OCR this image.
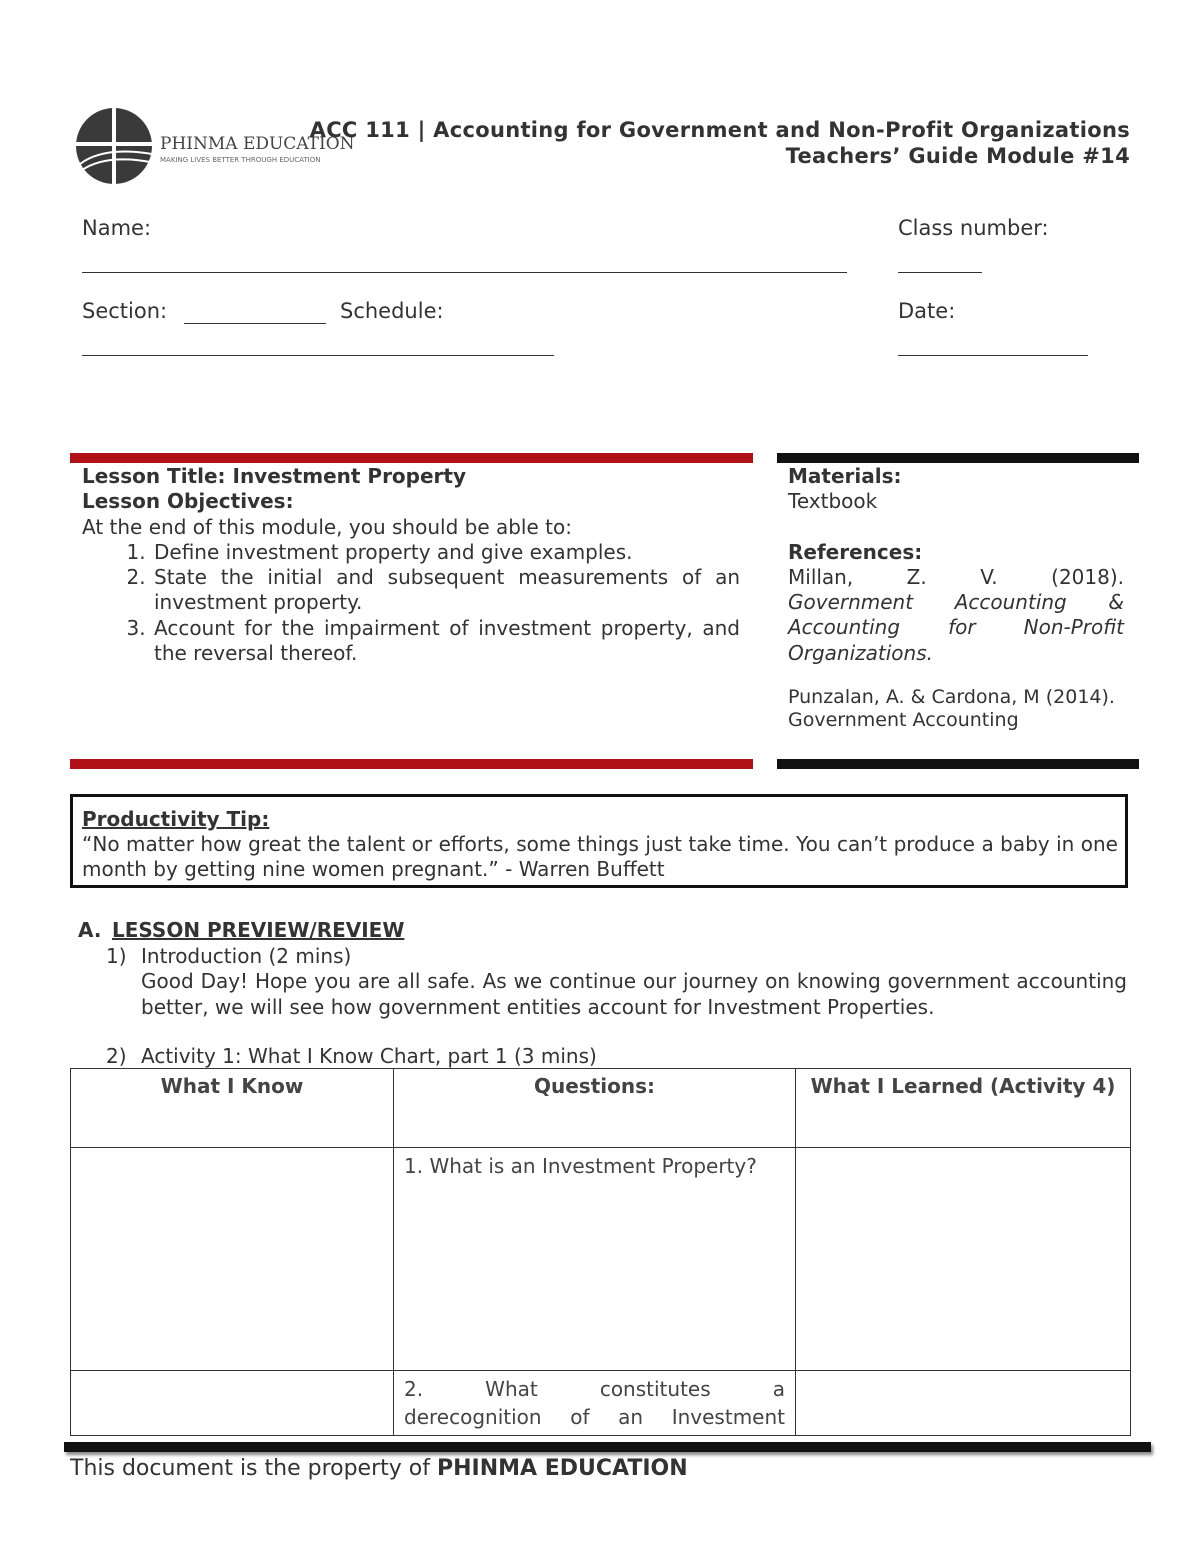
PHINMA EDUCATION
MAKING LIVES BETTER THROUGH EDUCATION
ACC 111 | Accounting for Government and Non-Profit Organizations
Teachers’ Guide Module #14
Name:	Class number:
Section:	Schedule:	Date:
Lesson Title: Investment Property
Lesson Objectives:
At the end of this module, you should be able to:
1. Define investment property and give examples.
2. State the initial and subsequent measurements of an investment property.
3. Account for the impairment of investment property, and the reversal thereof.
Materials:
Textbook
References:
Millan, Z. V. (2018).
Government Accounting & Accounting for Non-Profit Organizations.
Punzalan, A. & Cardona, M (2014).
Government Accounting
Productivity Tip:
“No matter how great the talent or efforts, some things just take time. You can’t produce a baby in one month by getting nine women pregnant.” - Warren Buffett
A. LESSON PREVIEW/REVIEW
1) Introduction (2 mins)
Good Day! Hope you are all safe. As we continue our journey on knowing government accounting better, we will see how government entities account for Investment Properties.
2) Activity 1: What I Know Chart, part 1 (3 mins)
What I Know	Questions:	What I Learned (Activity 4)
	1. What is an Investment Property?	

	2. What constitutes a
derecognition of an Investment	

This document is the property of PHINMA EDUCATION
